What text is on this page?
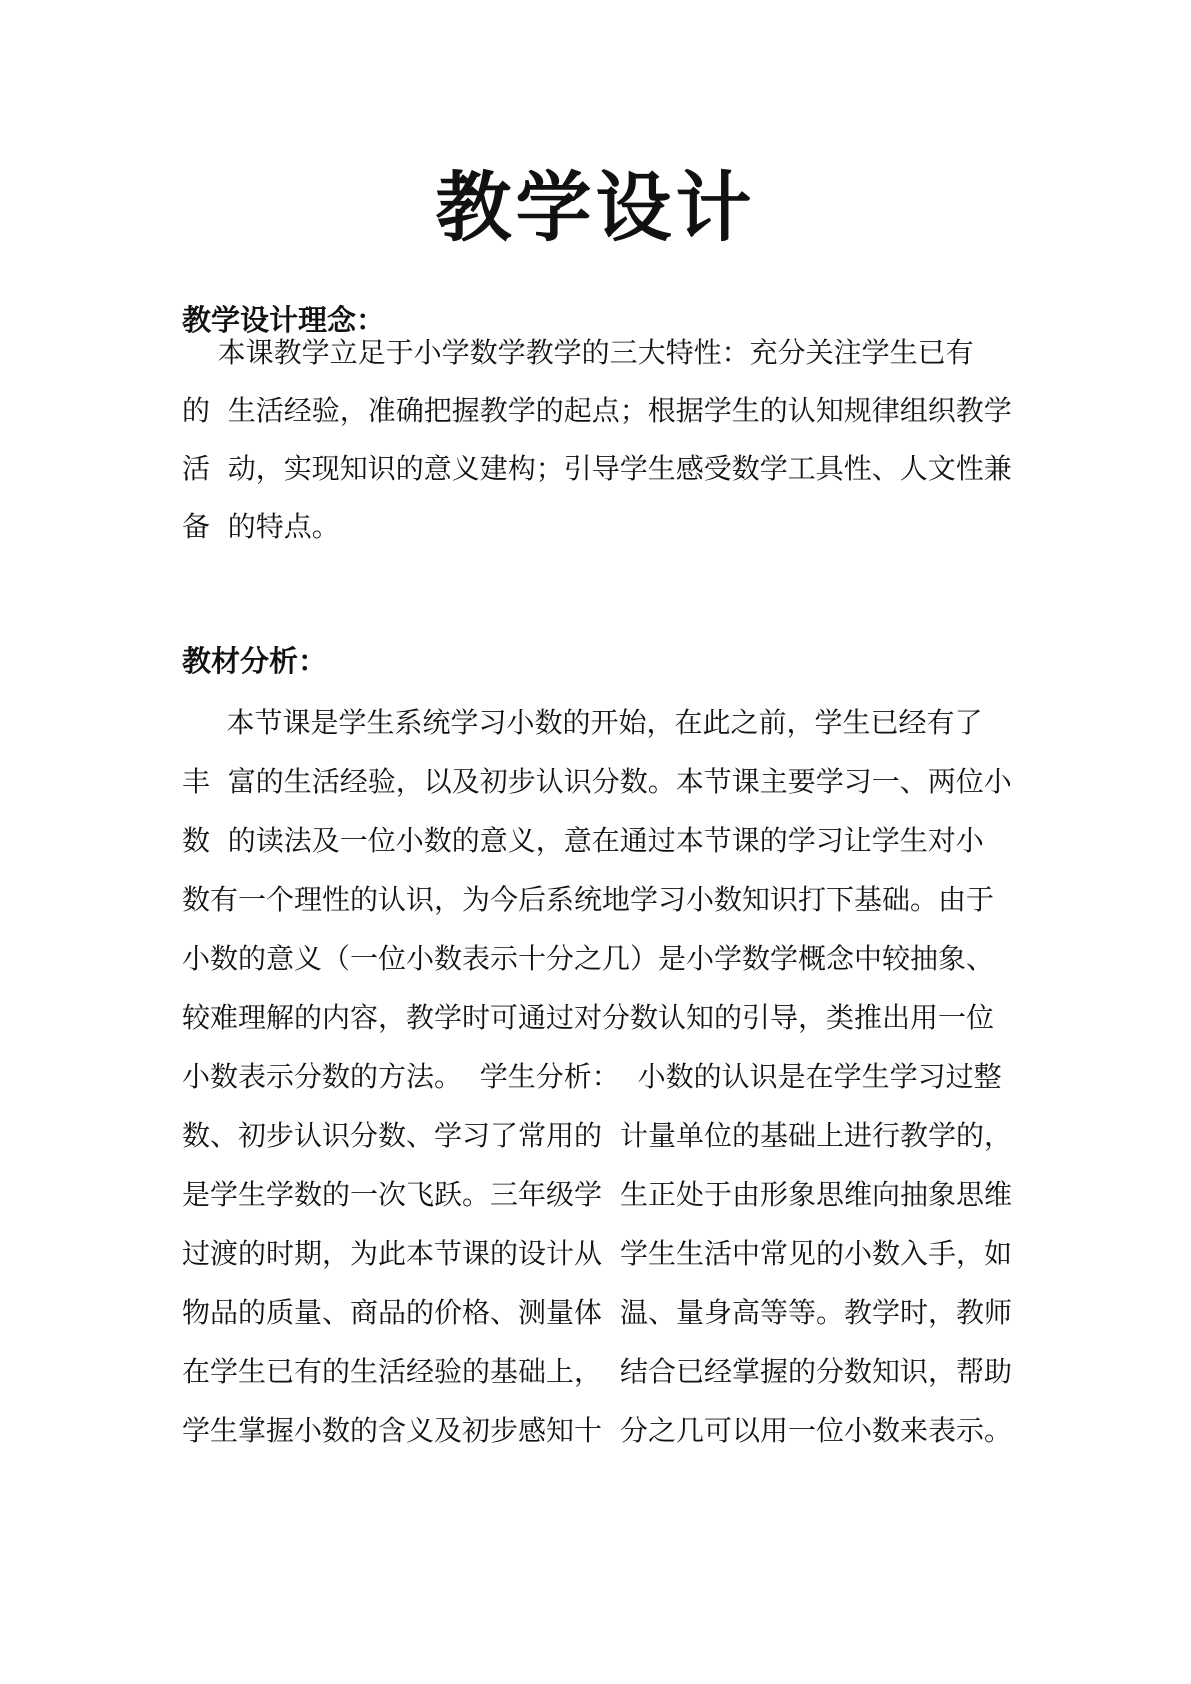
教学设计
教学设计理念：
本课教学立足于小学数学教学的三大特性：充分关注学生已有
的  生活经验，准确把握教学的起点；根据学生的认知规律组织教学
活  动，实现知识的意义建构；引导学生感受数学工具性、人文性兼
备  的特点。
教材分析：
本节课是学生系统学习小数的开始，在此之前，学生已经有了
丰  富的生活经验，以及初步认识分数。本节课主要学习一、两位小
数  的读法及一位小数的意义，意在通过本节课的学习让学生对小
数有一个理性的认识，为今后系统地学习小数知识打下基础。由于
小数的意义（一位小数表示十分之几）是小学数学概念中较抽象、
较难理解的内容，教学时可通过对分数认知的引导，类推出用一位
小数表示分数的方法。  学生分析：  小数的认识是在学生学习过整
数、初步认识分数、学习了常用的 计量单位的基础上进行教学的，
是学生学数的一次飞跃。三年级学 生正处于由形象思维向抽象思维
过渡的时期，为此本节课的设计从 学生生活中常见的小数入手，如
物品的质量、商品的价格、测量体 温、量身高等等。教学时，教师
在学生已有的生活经验的基础上， 结合已经掌握的分数知识，帮助
学生掌握小数的含义及初步感知十 分之几可以用一位小数来表示。
